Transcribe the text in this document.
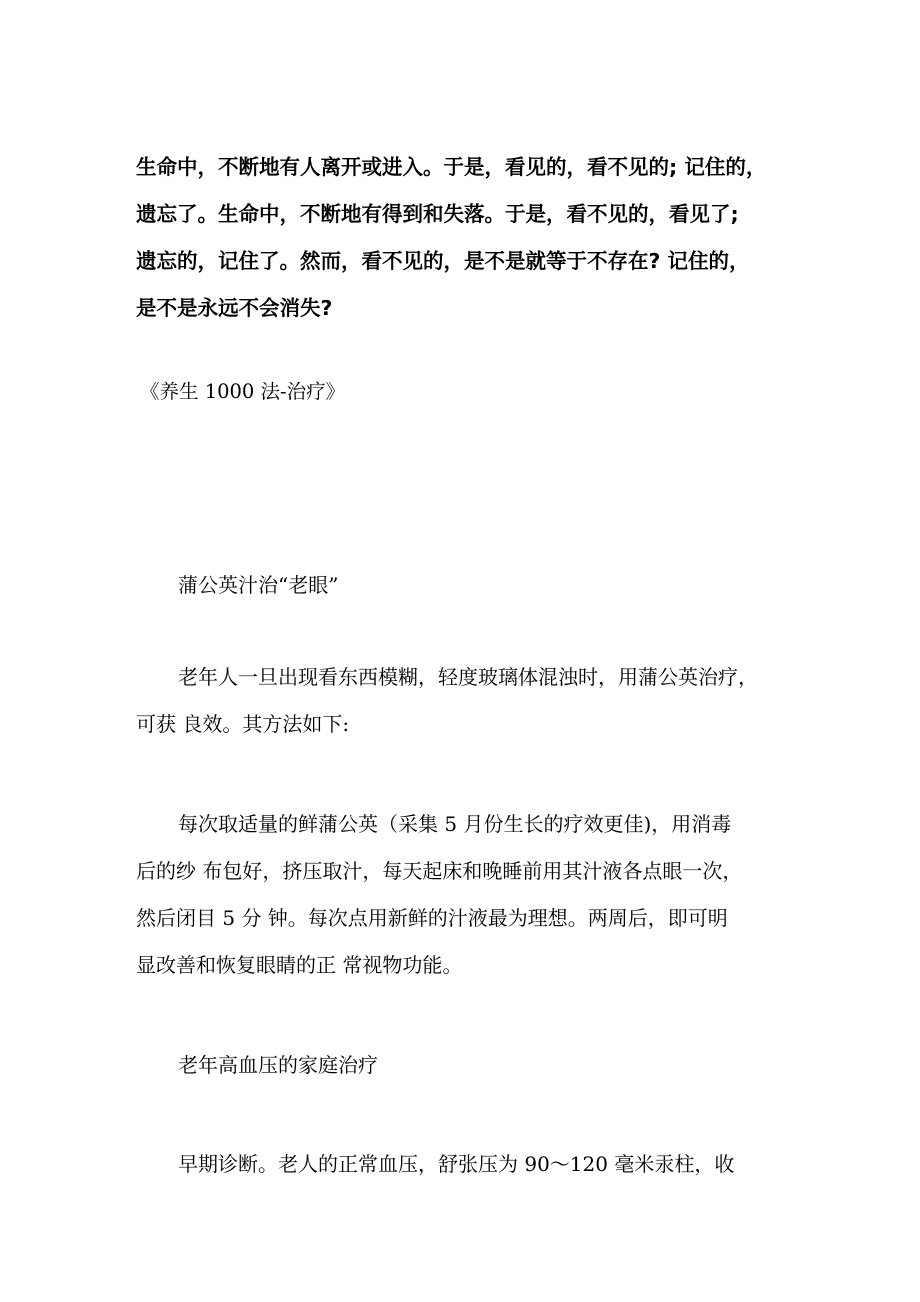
生命中，不断地有人离开或进入。于是，看见的，看不见的; 记住的，
遗忘了。生命中，不断地有得到和失落。于是，看不见的，看见了;
遗忘的，记住了。然而，看不见的，是不是就等于不存在? 记住的，
是不是永远不会消失?

《养生 1000 法-治疗》

蒲公英汁治“老眼”

老年人一旦出现看东西模糊，轻度玻璃体混浊时，用蒲公英治疗，
可获 良效。其方法如下:

每次取适量的鲜蒲公英（采集 5 月份生长的疗效更佳)，用消毒
后的纱 布包好，挤压取汁，每天起床和晚睡前用其汁液各点眼一次，
然后闭目 5 分 钟。每次点用新鲜的汁液最为理想。两周后，即可明
显改善和恢复眼睛的正 常视物功能。

老年高血压的家庭治疗

早期诊断。老人的正常血压，舒张压为 90～120 毫米汞柱，收
